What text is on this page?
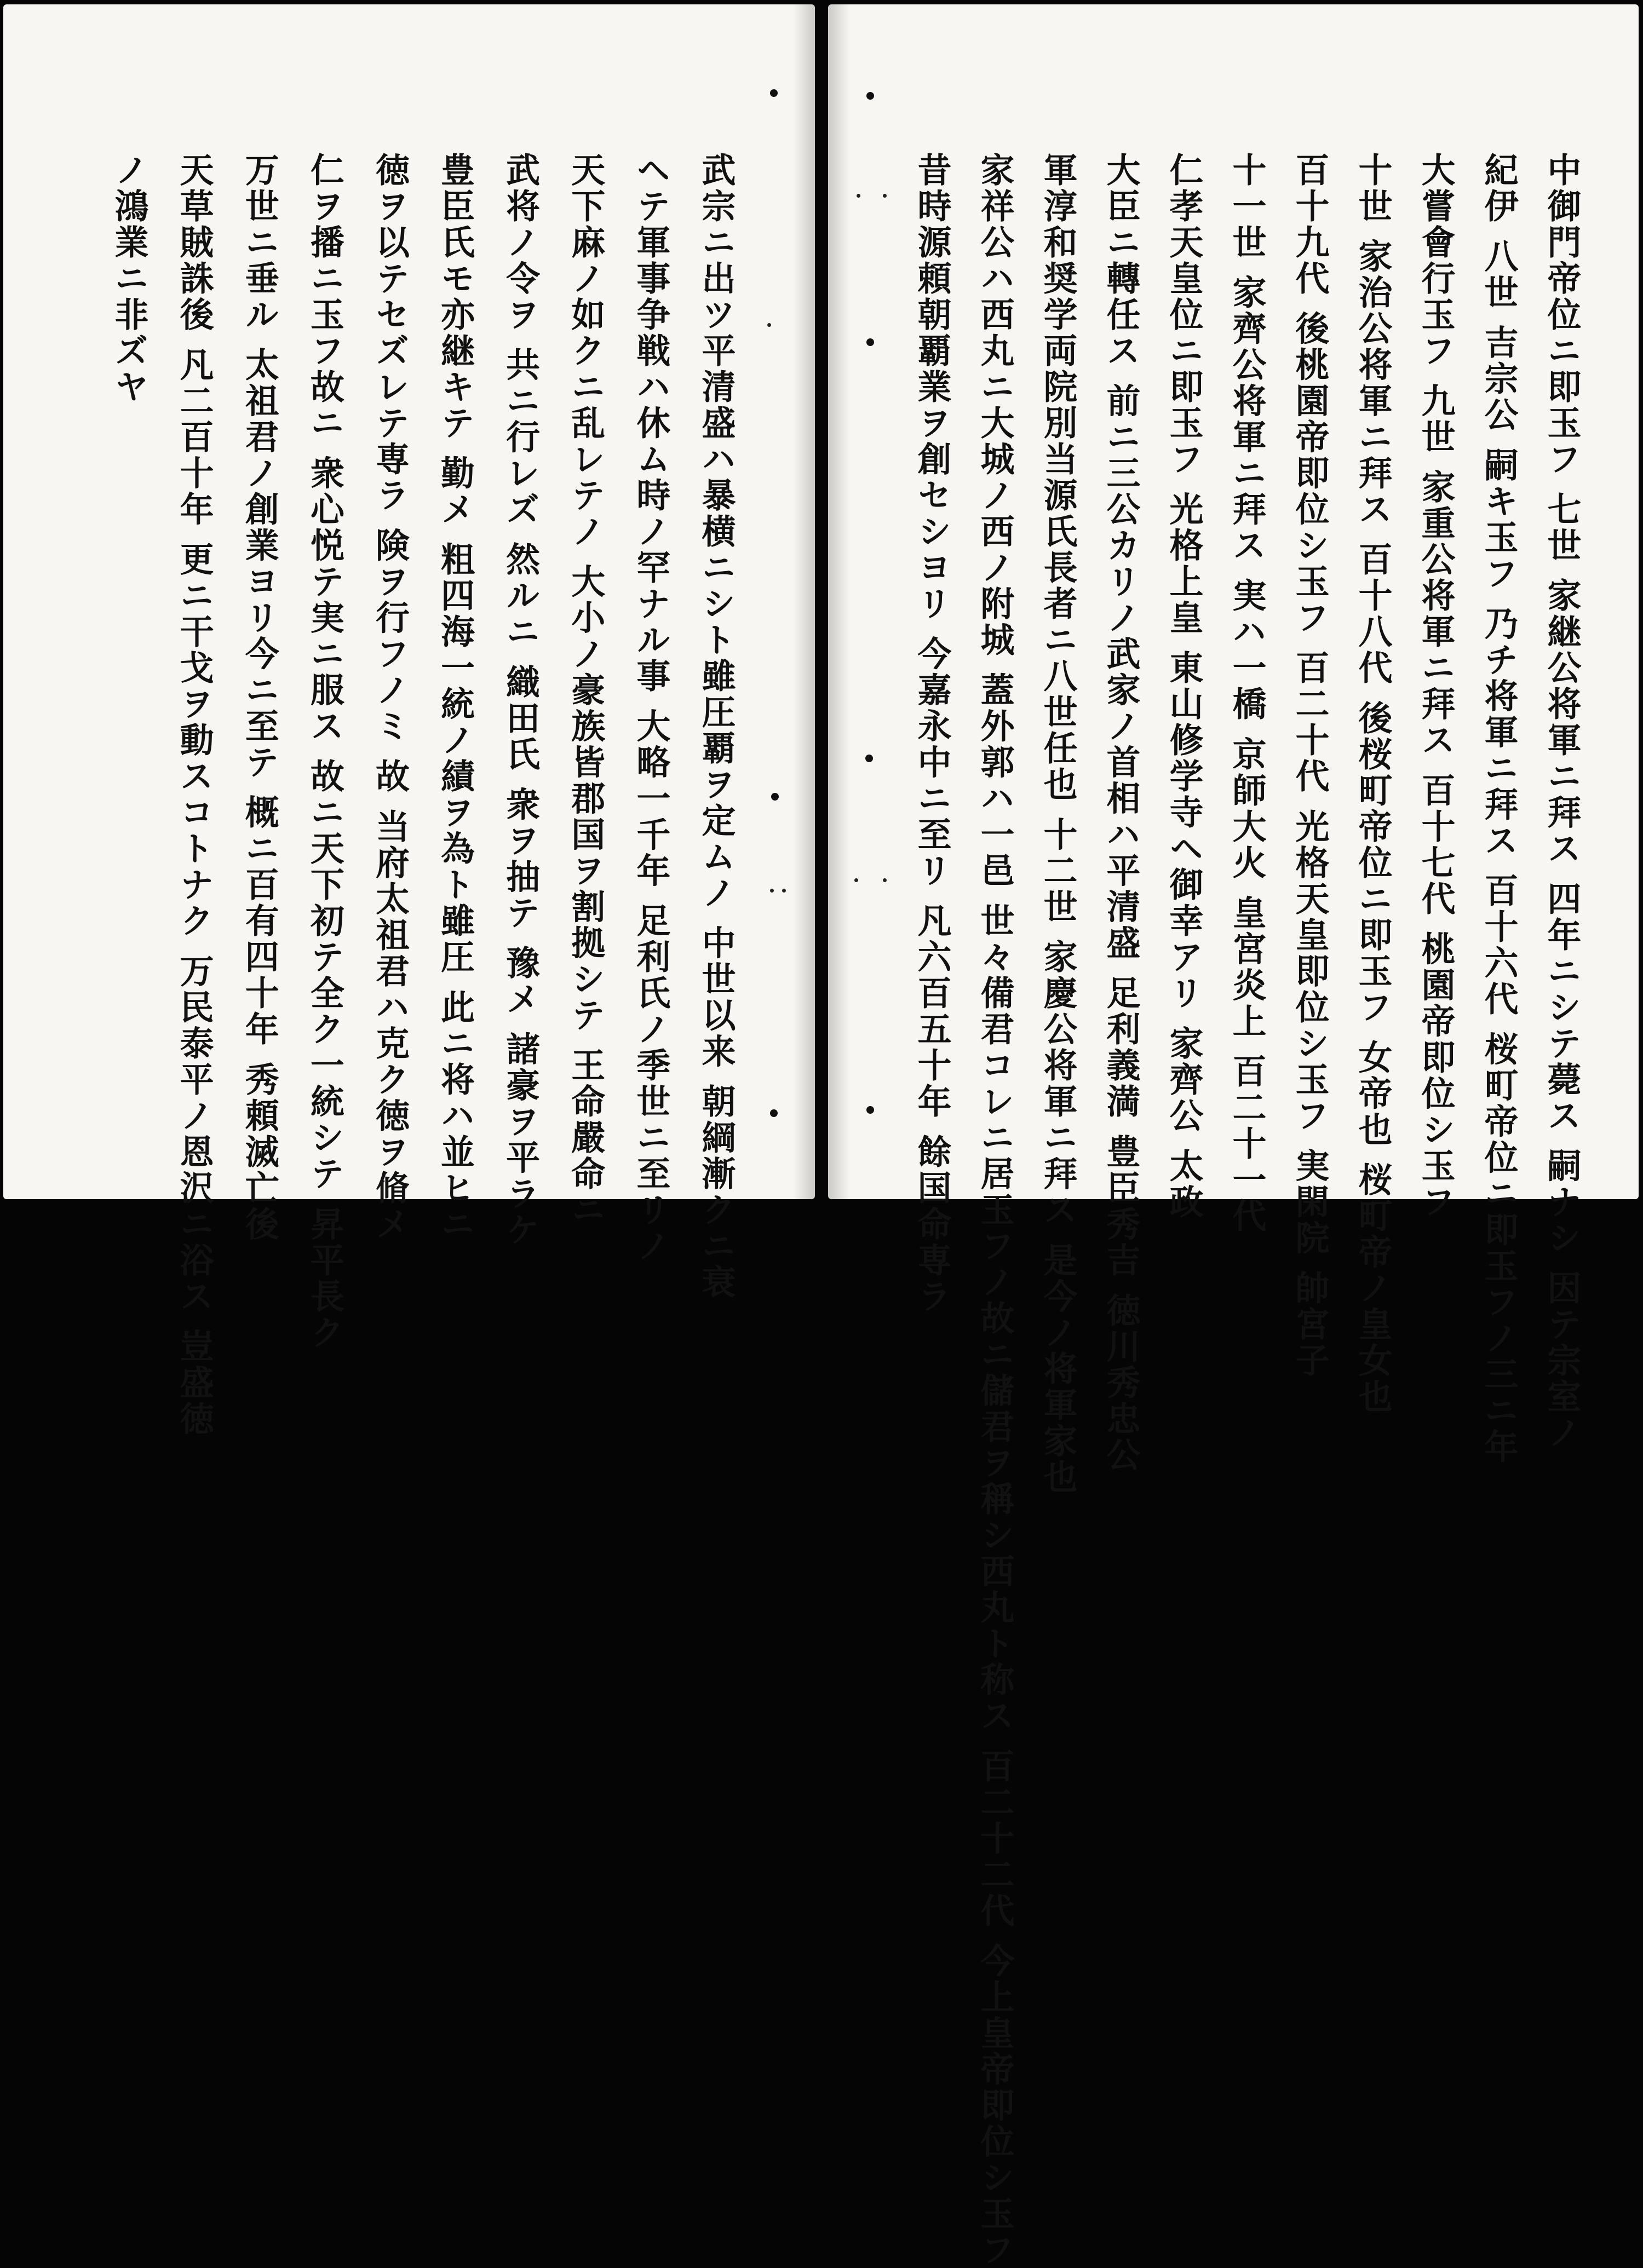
中御門帝位ニ即玉フ 七世 家継公将軍ニ拜ス 四年ニシテ薨ス 嗣ナシ 因テ宗室ノ
紀伊 八世 吉宗公 嗣キ玉フ 乃チ将軍ニ拜ス 百十六代 桜町帝位ニ即玉フノ三ニ年
大嘗會行玉フ 九世 家重公将軍ニ拜ス 百十七代 桃園帝即位シ玉フ
十世 家治公将軍ニ拜ス 百十八代 後桜町帝位ニ即玉フ 女帝也 桜町帝ノ皇女也
百十九代 後桃園帝即位シ玉フ 百二十代 光格天皇即位シ玉フ 実閑院 帥宮子
十一世 家齊公将軍ニ拜ス 実ハ一橋 京師大火 皇宮炎上 百二十一代
仁孝天皇位ニ即玉フ 光格上皇 東山修学寺ヘ御幸アリ 家齊公 太政
大臣ニ轉任ス 前ニ三公カリノ武家ノ首相ハ平清盛 足利義満 豊臣秀吉 徳川秀忠公
軍淳和奨学両院別当源氏長者ニ八世任也 十二世 家慶公将軍ニ拜ス 是今ノ将軍家也
家祥公ハ西丸ニ大城ノ西ノ附城 蓋外郭ハ一邑 世々備君コレニ居玉フノ故ニ儲君ヲ稱シ西丸ト称ス 百二十二代 今上皇帝即位シ玉フ
昔時源頼朝覇業ヲ創セシヨリ 今嘉永中ニ至リ 凡六百五十年 餘国命専ラ
武宗ニ出ツ平清盛ハ暴横ニシト雖圧覇ヲ定ムノ 中世以来 朝綱漸クニ衰
ヘテ軍事争戦ハ休ム時ノ罕ナル事 大略一千年 足利氏ノ季世ニ至リノ
天下麻ノ如クニ乱レテノ 大小ノ豪族皆郡国ヲ割拠シテ 王命嚴命ニ
武将ノ令ヲ 共ニ行レズ 然ルニ 織田氏 衆ヲ抽テ 豫メ 諸豪ヲ平ラケ
豊臣氏モ亦継キテ 勤メ 粗四海一統ノ績ヲ為ト雖圧 此ニ将ハ並ヒニ
徳ヲ以テセズレテ専ラ 険ヲ行フノミ 故 当府太祖君ハ克ク徳ヲ脩メ
仁ヲ播ニ玉フ故ニ 衆心悦テ実ニ服ス 故ニ天下初テ全ク一統シテ 昇平長ク
万世ニ垂ル 太祖君ノ創業ヨリ今ニ至テ 概ニ百有四十年 秀頼滅亡後
天草賊誅後 凡二百十年 更ニ干戈ヲ動スコトナク 万民泰平ノ恩沢ニ浴ス 豈盛徳
ノ鴻業ニ非ズヤ
